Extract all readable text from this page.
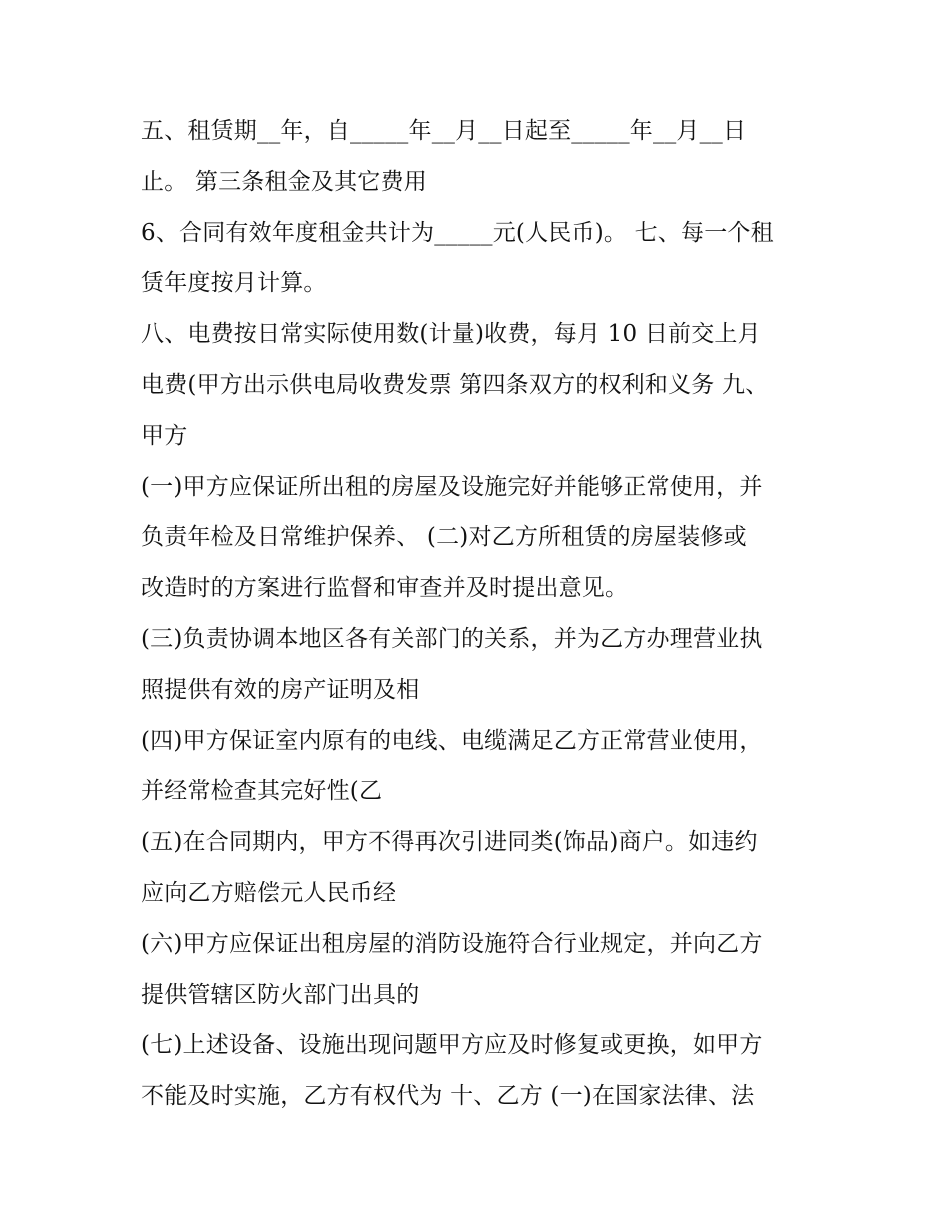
五、租赁期__年，自_____年__月__日起至_____年__月__日
止。 第三条租金及其它费用
6、合同有效年度租金共计为_____元(人民币)。 七、每一个租
赁年度按月计算。
八、电费按日常实际使用数(计量)收费，每月 10 日前交上月
电费(甲方出示供电局收费发票 第四条双方的权利和义务 九、
甲方
(一)甲方应保证所出租的房屋及设施完好并能够正常使用，并
负责年检及日常维护保养、 (二)对乙方所租赁的房屋装修或
改造时的方案进行监督和审查并及时提出意见。
(三)负责协调本地区各有关部门的关系，并为乙方办理营业执
照提供有效的房产证明及相
(四)甲方保证室内原有的电线、电缆满足乙方正常营业使用，
并经常检查其完好性(乙
(五)在合同期内，甲方不得再次引进同类(饰品)商户。如违约
应向乙方赔偿元人民币经
(六)甲方应保证出租房屋的消防设施符合行业规定，并向乙方
提供管辖区防火部门出具的
(七)上述设备、设施出现问题甲方应及时修复或更换，如甲方
不能及时实施，乙方有权代为 十、乙方 (一)在国家法律、法
